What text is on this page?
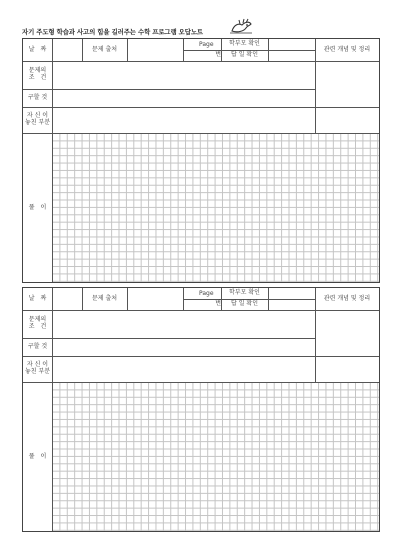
자기 주도형 학습과 사고의 힘을 길러주는 수학 프로그램 오답노트
날　짜	문제 출처
Page
번
학부모 확인
답 일 확인
관련 개념 및 정리
문제의
조　건
구할 것
자 신 이
놓친 부분
풀　이
날　짜	문제 출처
Page
번
학부모 확인
답 일 확인
관련 개념 및 정리
문제의
조　건
구할 것
자 신 이
놓친 부분
풀　이
